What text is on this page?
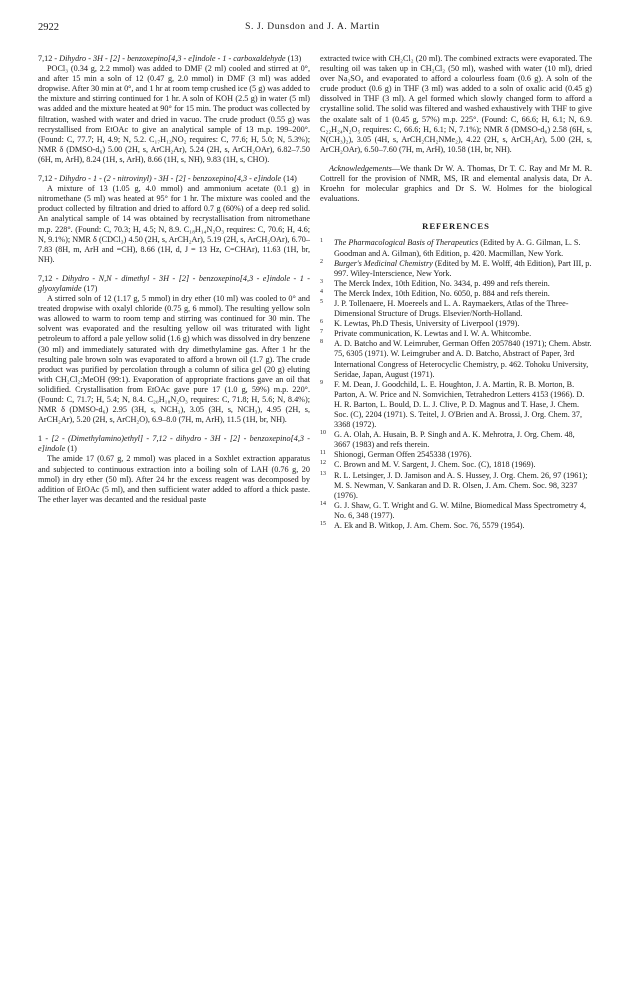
2922	S. J. Dunsdon and J. A. Martin
7,12 - Dihydro - 3H - [2] - benzoxepino[4,3 - e]indole - 1 - carboxaldehyde (13)

POCl₃ (0.34 g, 2.2 mmol) was added to DMF (2 ml) cooled and stirred at 0°, and after 15 min a soln of 12 (0.47 g, 2.0 mmol) in DMF (3 ml) was added dropwise. After 30 min at 0°, and 1 hr at room temp crushed ice (5 g) was added to the mixture and stirring continued for 1 hr. A soln of KOH (2.5 g) in water (5 ml) was added and the mixture heated at 90° for 15 min. The product was collected by filtration, washed with water and dried in vacuo. The crude product (0.55 g) was recrystallised from EtOAc to give an analytical sample of 13 m.p. 199–200°. (Found: C, 77.7; H, 4.9; N, 5.2. C₁₇H₁₃NO₂ requires: C, 77.6; H, 5.0; N, 5.3%); NMR δ (DMSO-d₆) 5.00 (2H, s, ArCH₂Ar), 5.24 (2H, s, ArCH₂OAr), 6.82–7.50 (6H, m, ArH), 8.24 (1H, s, ArH), 8.66 (1H, s, NH), 9.83 (1H, s, CHO).

7,12 - Dihydro - 1 - (2 - nitrovinyl) - 3H - [2] - benzoxepino[4,3 - e]indole (14)

A mixture of 13 (1.05 g, 4.0 mmol) and ammonium acetate (0.1 g) in nitromethane (5 ml) was heated at 95° for 1 hr. The mixture was cooled and the product collected by filtration and dried to afford 0.7 g (60%) of a deep red solid. An analytical sample of 14 was obtained by recrystallisation from nitromethane m.p. 228°. (Found: C, 70.3; H, 4.5; N, 8.9. C₁₈H₁₄N₂O₃ requires: C, 70.6; H, 4.6; N, 9.1%); NMR δ (CDCl₃) 4.50 (2H, s, ArCH₂Ar), 5.19 (2H, s, ArCH₂OAr), 6.70–7.83 (8H, m, ArH and =CH), 8.66 (1H, d, J = 13 Hz, C=CHAr), 11.63 (1H, br, NH).

7,12 - Dihydro - N,N - dimethyl - 3H - [2] - benzoxepino[4,3 - e]indole - 1 - glyoxylamide (17)

A stirred soln of 12 (1.17 g, 5 mmol) in dry ether (10 ml) was cooled to 0° and treated dropwise with oxalyl chloride (0.75 g, 6 mmol). The resulting yellow soln was allowed to warm to room temp and stirring was continued for 30 min. The solvent was evaporated and the resulting yellow oil was triturated with light petroleum to afford a pale yellow solid (1.6 g) which was dissolved in dry benzene (30 ml) and immediately saturated with dry dimethylamine gas. After 1 hr the resulting pale brown soln was evaporated to afford a brown oil (1.7 g). The crude product was purified by percolation through a column of silica gel (20 g) eluting with CH₂Cl₂:MeOH (99:1). Evaporation of appropriate fractions gave an oil that solidified. Crystallisation from EtOAc gave pure 17 (1.0 g, 59%) m.p. 220°. (Found: C, 71.7; H, 5.4; N, 8.4. C₂₀H₁₈N₂O₃ requires: C, 71.8; H, 5.6; N, 8.4%); NMR δ (DMSO-d₆) 2.95 (3H, s, NCH₃), 3.05 (3H, s, NCH₃), 4.95 (2H, s, ArCH₂Ar), 5.20 (2H, s, ArCH₂O), 6.9–8.0 (7H, m, ArH), 11.5 (1H, br, NH).

1 - [2 - (Dimethylamino)ethyl] - 7,12 - dihydro - 3H - [2] - benzoxepino[4,3 - e]indole (1)

The amide 17 (0.67 g, 2 mmol) was placed in a Soxhlet extraction apparatus and subjected to continuous extraction into a boiling soln of LAH (0.76 g, 20 mmol) in dry ether (50 ml). After 24 hr the excess reagent was decomposed by addition of EtOAc (5 ml), and then sufficient water added to afford a thick paste. The ether layer was decanted and the residual paste

extracted twice with CH₂Cl₂ (20 ml). The combined extracts were evaporated. The resulting oil was taken up in CH₂Cl₂ (50 ml), washed with water (10 ml), dried over Na₂SO₄ and evaporated to afford a colourless foam (0.6 g). A soln of the crude product (0.6 g) in THF (3 ml) was added to a soln of oxalic acid (0.45 g) dissolved in THF (3 ml). A gel formed which slowly changed form to afford a crystalline solid. The solid was filtered and washed exhaustively with THF to give the oxalate salt of 1 (0.45 g, 57%) m.p. 225°. (Found: C, 66.6; H, 6.1; N, 6.9. C₂₂H₂₄N₂O₅ requires: C, 66.6; H, 6.1; N, 7.1%); NMR δ (DMSO-d₆) 2.58 (6H, s, N(CH₃)₂), 3.05 (4H, s, ArCH₂CH₂NMe₂), 4.22 (2H, s, ArCH₂Ar), 5.00 (2H, s, ArCH₂OAr), 6.50–7.60 (7H, m, ArH), 10.58 (1H, br, NH).

Acknowledgements—We thank Dr W. A. Thomas, Dr T. C. Ray and Mr M. R. Cottrell for the provision of NMR, MS, IR and elemental analysis data, Dr A. Kroehn for molecular graphics and Dr S. W. Holmes for the biological evaluations.

REFERENCES
1 The Pharmacological Basis of Therapeutics (Edited by A. G. Gilman, L. S. Goodman and A. Gilman), 6th Edition, p. 420. Macmillan, New York.
2 Burger's Medicinal Chemistry (Edited by M. E. Wolff, 4th Edition), Part III, p. 997. Wiley-Interscience, New York.
3 The Merck Index, 10th Edition, No. 3434, p. 499 and refs therein.
4 The Merck Index, 10th Edition, No. 6050, p. 884 and refs therein.
5 J. P. Tollenaere, H. Moereels and L. A. Raymaekers, Atlas of the Three-Dimensional Structure of Drugs. Elsevier/North-Holland.
6 K. Lewtas, Ph.D Thesis, University of Liverpool (1979).
7 Private communication, K. Lewtas and I. W. A. Whitcombe.
8 A. D. Batcho and W. Leimruber, German Offen 2057840 (1971); Chem. Abstr. 75, 6305 (1971). W. Leimgruber and A. D. Batcho, Abstract of Paper, 3rd International Congress of Heterocyclic Chemistry, p. 462. Tohoku University, Seridae, Japan, August (1971).
9 F. M. Dean, J. Goodchild, L. E. Houghton, J. A. Martin, R. B. Morton, B. Parton, A. W. Price and N. Somvichien, Tetrahedron Letters 4153 (1966). D. H. R. Barton, L. Bould, D. L. J. Clive, P. D. Magnus and T. Hase, J. Chem. Soc. (C), 2204 (1971). S. Teitel, J. O'Brien and A. Brossi, J. Org. Chem. 37, 3368 (1972).
10 G. A. Olah, A. Husain, B. P. Singh and A. K. Mehrotra, J. Org. Chem. 48, 3667 (1983) and refs therein.
11 Shionogi, German Offen 2545338 (1976).
12 C. Brown and M. V. Sargent, J. Chem. Soc. (C), 1818 (1969).
13 R. L. Letsinger, J. D. Jamison and A. S. Hussey, J. Org. Chem. 26, 97 (1961); M. S. Newman, V. Sankaran and D. R. Olsen, J. Am. Chem. Soc. 98, 3237 (1976).
14 G. J. Shaw, G. T. Wright and G. W. Milne, Biomedical Mass Spectrometry 4, No. 6, 348 (1977).
15 A. Ek and B. Witkop, J. Am. Chem. Soc. 76, 5579 (1954).
